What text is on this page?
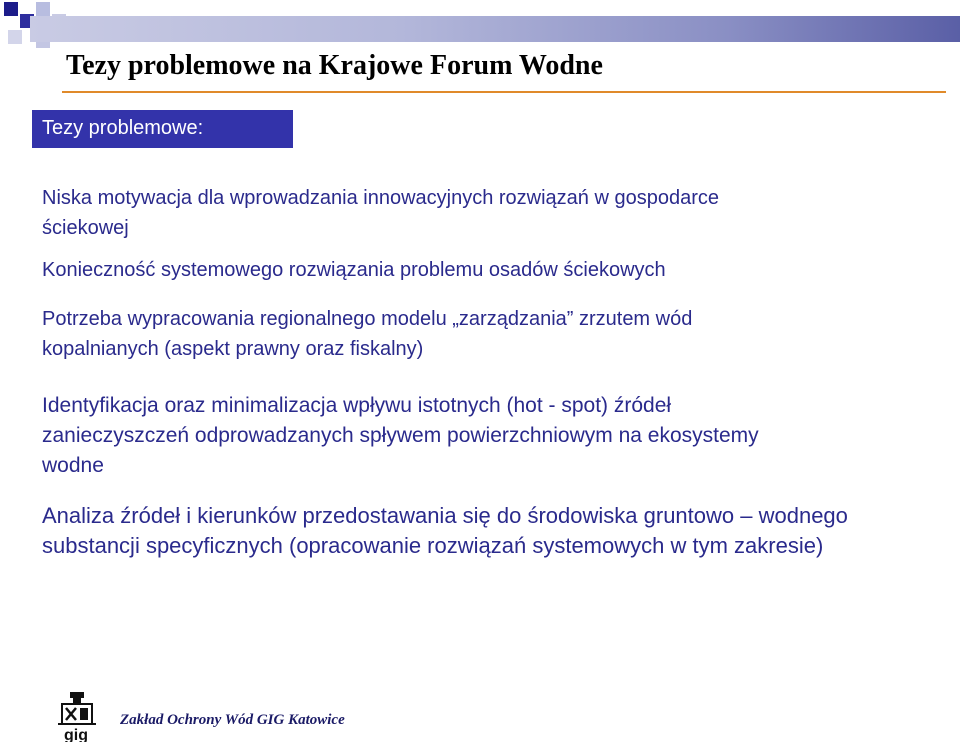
Tezy problemowe na Krajowe Forum Wodne
Tezy problemowe:
Niska motywacja dla wprowadzania innowacyjnych rozwiązań w gospodarce
ściekowej
Konieczność systemowego rozwiązania problemu osadów ściekowych
Potrzeba wypracowania regionalnego modelu „zarządzania” zrzutem wód
kopalnianych (aspekt prawny oraz fiskalny)
Identyfikacja oraz minimalizacja wpływu istotnych (hot - spot) źródeł
zanieczyszczeń odprowadzanych spływem powierzchniowym na ekosystemy
wodne
Analiza źródeł i kierunków przedostawania się do środowiska gruntowo – wodnego
substancji specyficznych (opracowanie rozwiązań systemowych w tym zakresie)
gig
Zakład Ochrony Wód GIG Katowice
